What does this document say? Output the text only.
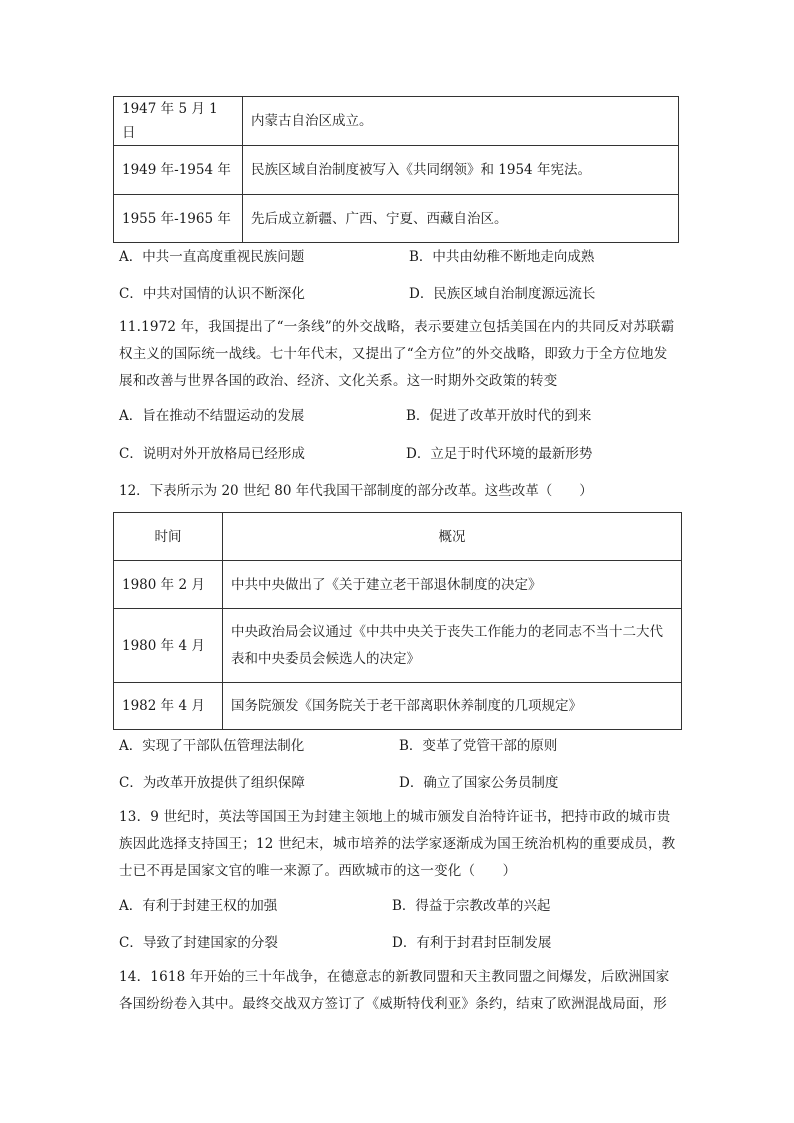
1947 年 5 月 1 日	内蒙古自治区成立。
1949 年-1954 年	民族区域自治制度被写入《共同纲领》和 1954 年宪法。
1955 年-1965 年	先后成立新疆、广西、宁夏、西藏自治区。
A．中共一直高度重视民族问题	B．中共由幼稚不断地走向成熟
C．中共对国情的认识不断深化	D．民族区域自治制度源远流长
11.1972 年，我国提出了“一条线”的外交战略，表示要建立包括美国在内的共同反对苏联霸权主义的国际统一战线。七十年代末，又提出了“全方位”的外交战略，即致力于全方位地发展和改善与世界各国的政治、经济、文化关系。这一时期外交政策的转变
A．旨在推动不结盟运动的发展	B．促进了改革开放时代的到来
C．说明对外开放格局已经形成	D．立足于时代环境的最新形势
12．下表所示为 20 世纪 80 年代我国干部制度的部分改革。这些改革（　　）
时间	概况
1980 年 2 月	中共中央做出了《关于建立老干部退休制度的决定》
1980 年 4 月	中央政治局会议通过《中共中央关于丧失工作能力的老同志不当十二大代表和中央委员会候选人的决定》
1982 年 4 月	国务院颁发《国务院关于老干部离职休养制度的几项规定》
A．实现了干部队伍管理法制化	B．变革了党管干部的原则
C．为改革开放提供了组织保障	D．确立了国家公务员制度
13．9 世纪时，英法等国国王为封建主领地上的城市颁发自治特许证书，把持市政的城市贵族因此选择支持国王；12 世纪末，城市培养的法学家逐渐成为国王统治机构的重要成员，教士已不再是国家文官的唯一来源了。西欧城市的这一变化（　　）
A．有利于封建王权的加强	B．得益于宗教改革的兴起
C．导致了封建国家的分裂	D．有利于封君封臣制发展
14．1618 年开始的三十年战争，在德意志的新教同盟和天主教同盟之间爆发，后欧洲国家各国纷纷卷入其中。最终交战双方签订了《威斯特伐利亚》条约，结束了欧洲混战局面，形
